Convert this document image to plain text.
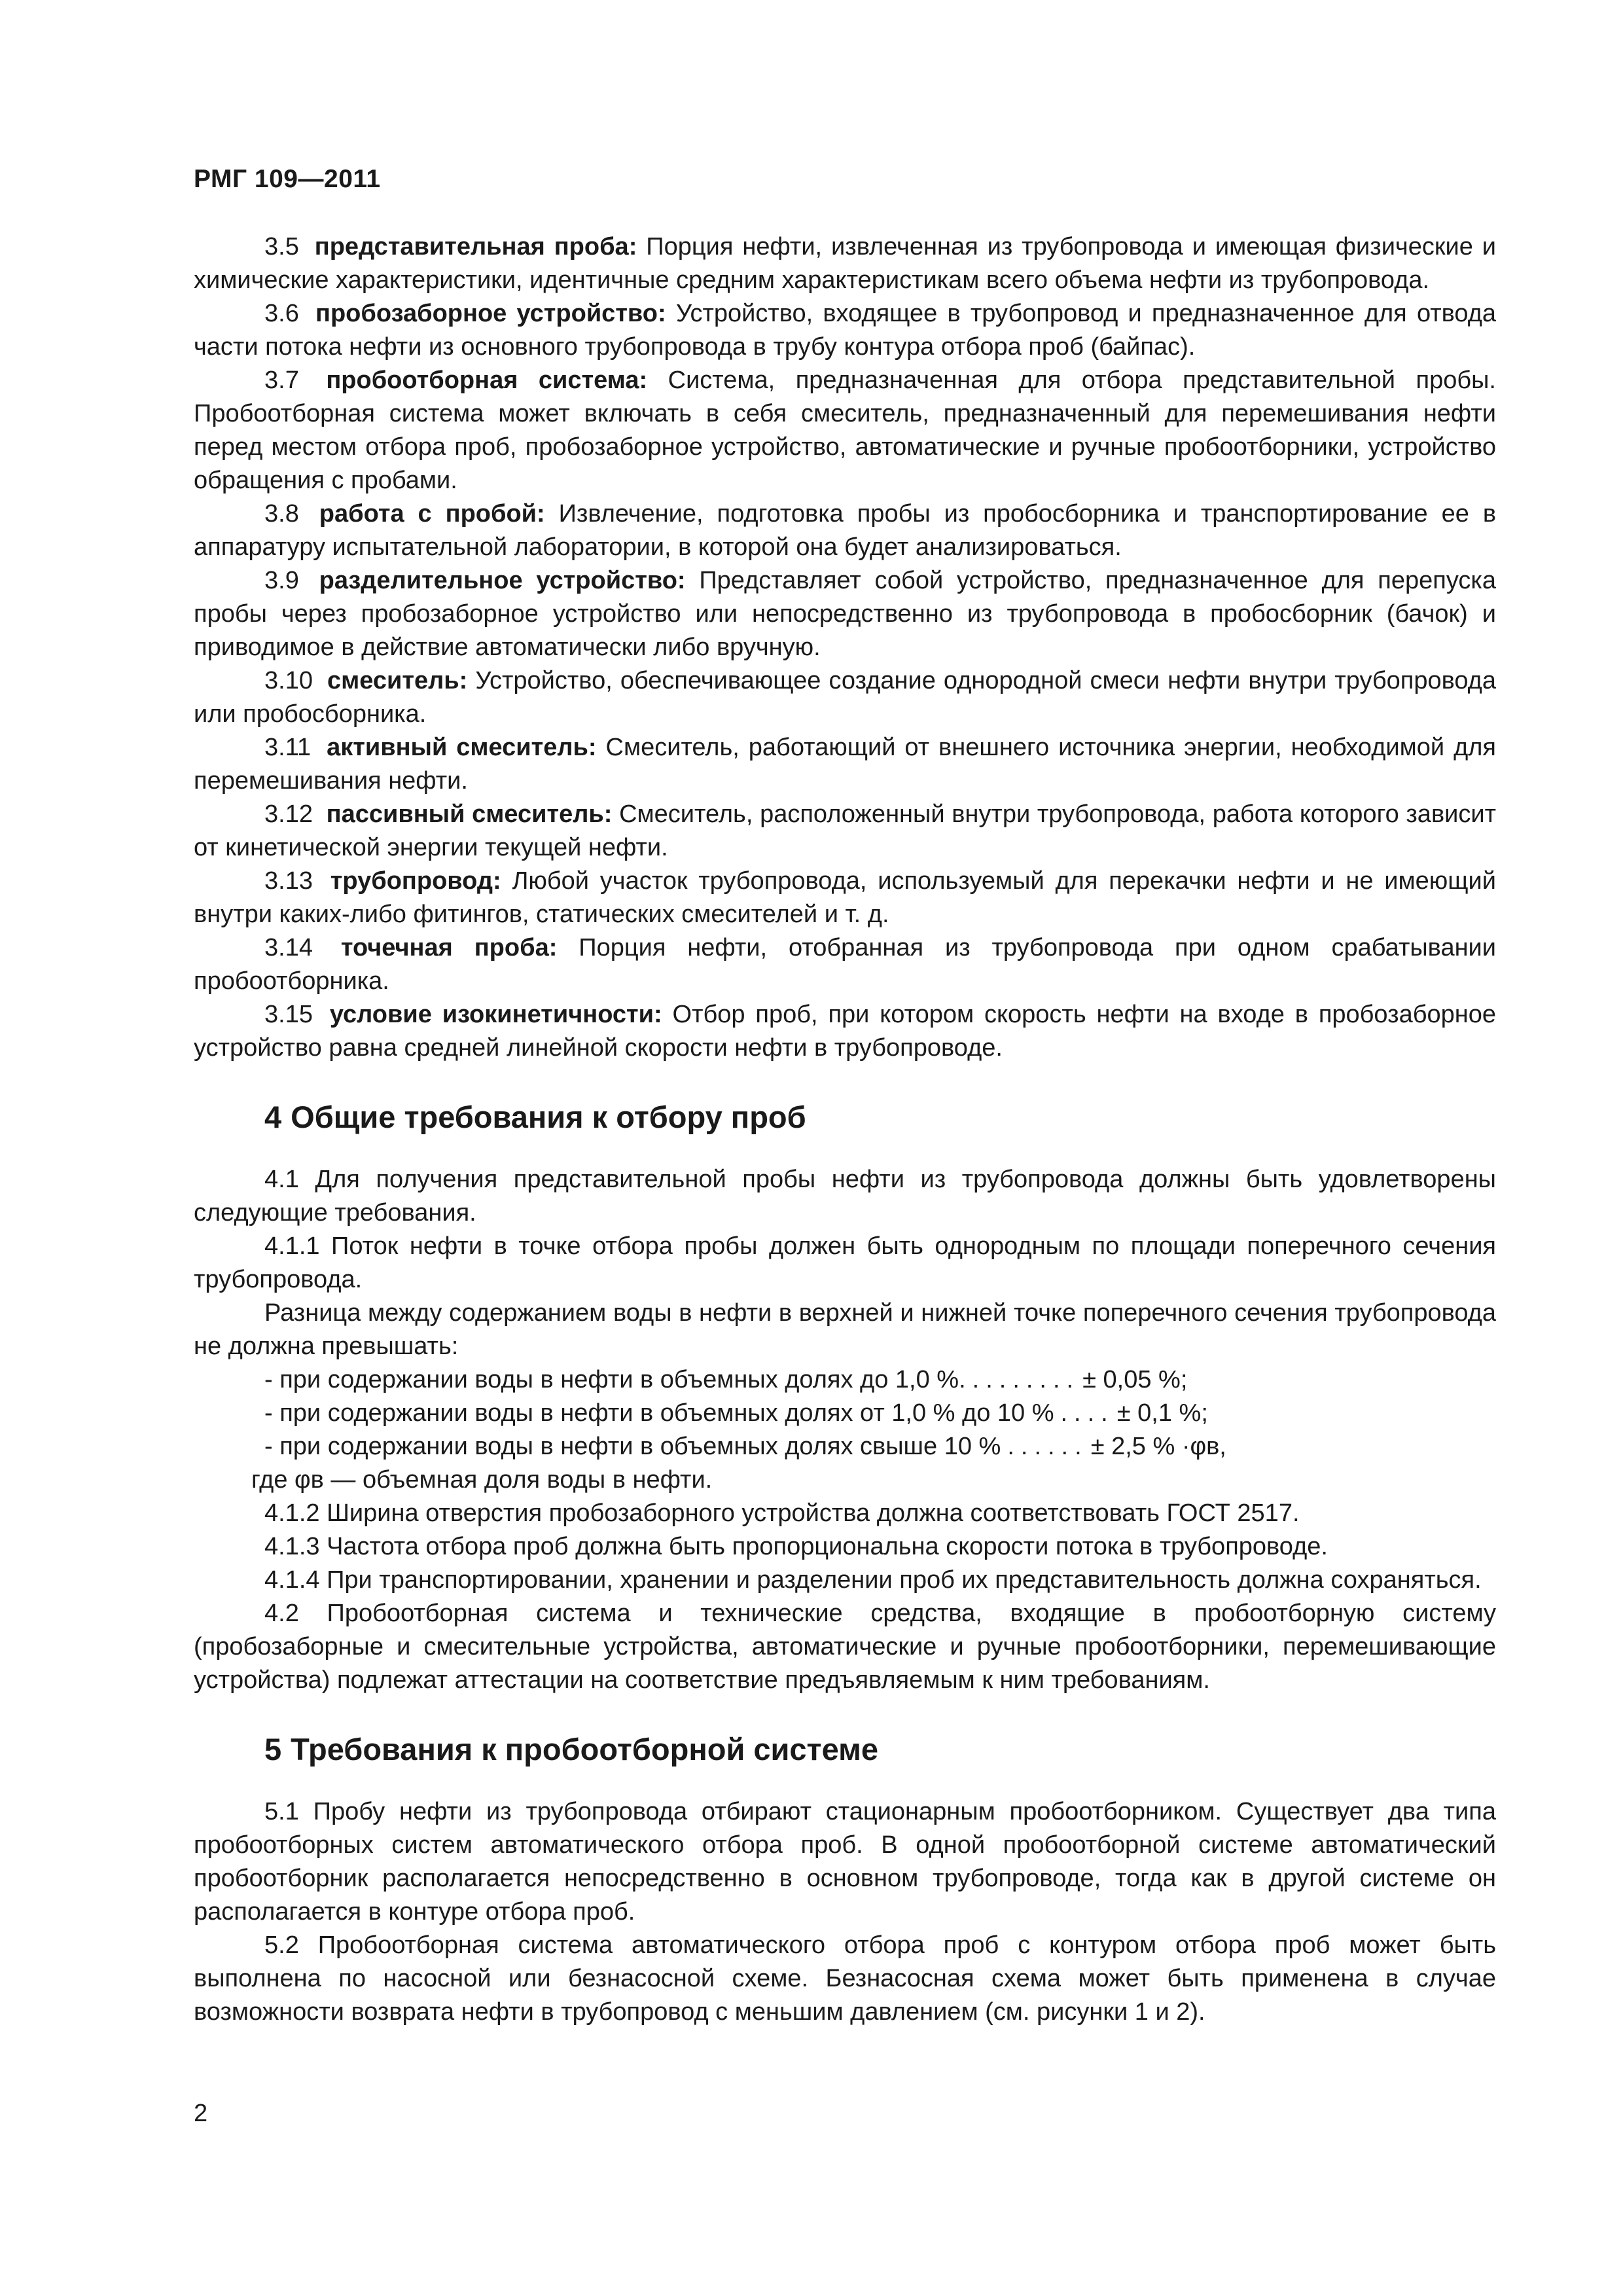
РМГ 109—2011

3.5 представительная проба: Порция нефти, извлеченная из трубопровода и имеющая физические и химические характеристики, идентичные средним характеристикам всего объема нефти из трубопровода.

3.6 пробозаборное устройство: Устройство, входящее в трубопровод и предназначенное для отвода части потока нефти из основного трубопровода в трубу контура отбора проб (байпас).

3.7 пробоотборная система: Система, предназначенная для отбора представительной пробы. Пробоотборная система может включать в себя смеситель, предназначенный для перемешивания нефти перед местом отбора проб, пробозаборное устройство, автоматические и ручные пробоотборники, устройство обращения с пробами.

3.8 работа с пробой: Извлечение, подготовка пробы из пробосборника и транспортирование ее в аппаратуру испытательной лаборатории, в которой она будет анализироваться.

3.9 разделительное устройство: Представляет собой устройство, предназначенное для перепуска пробы через пробозаборное устройство или непосредственно из трубопровода в пробосборник (бачок) и приводимое в действие автоматически либо вручную.

3.10 смеситель: Устройство, обеспечивающее создание однородной смеси нефти внутри трубопровода или пробосборника.

3.11 активный смеситель: Смеситель, работающий от внешнего источника энергии, необходимой для перемешивания нефти.

3.12 пассивный смеситель: Смеситель, расположенный внутри трубопровода, работа которого зависит от кинетической энергии текущей нефти.

3.13 трубопровод: Любой участок трубопровода, используемый для перекачки нефти и не имеющий внутри каких-либо фитингов, статических смесителей и т. д.

3.14 точечная проба: Порция нефти, отобранная из трубопровода при одном срабатывании пробоотборника.

3.15 условие изокинетичности: Отбор проб, при котором скорость нефти на входе в пробозаборное устройство равна средней линейной скорости нефти в трубопроводе.

4 Общие требования к отбору проб

4.1 Для получения представительной пробы нефти из трубопровода должны быть удовлетворены следующие требования.

4.1.1 Поток нефти в точке отбора пробы должен быть однородным по площади поперечного сечения трубопровода.

Разница между содержанием воды в нефти в верхней и нижней точке поперечного сечения трубопровода не должна превышать:

- при содержании воды в нефти в объемных долях до 1,0 %. ........ ± 0,05 %;
- при содержании воды в нефти в объемных долях от 1,0 % до 10 % .... ± 0,1 %;
- при содержании воды в нефти в объемных долях свыше 10 % ...... ± 2,5 % ·φв,

где φв — объемная доля воды в нефти.

4.1.2 Ширина отверстия пробозаборного устройства должна соответствовать ГОСТ 2517.

4.1.3 Частота отбора проб должна быть пропорциональна скорости потока в трубопроводе.

4.1.4 При транспортировании, хранении и разделении проб их представительность должна сохраняться.

4.2 Пробоотборная система и технические средства, входящие в пробоотборную систему (пробозаборные и смесительные устройства, автоматические и ручные пробоотборники, перемешивающие устройства) подлежат аттестации на соответствие предъявляемым к ним требованиям.

5 Требования к пробоотборной системе

5.1 Пробу нефти из трубопровода отбирают стационарным пробоотборником. Существует два типа пробоотборных систем автоматического отбора проб. В одной пробоотборной системе автоматический пробоотборник располагается непосредственно в основном трубопроводе, тогда как в другой системе он располагается в контуре отбора проб.

5.2 Пробоотборная система автоматического отбора проб с контуром отбора проб может быть выполнена по насосной или безнасосной схеме. Безнасосная схема может быть применена в случае возможности возврата нефти в трубопровод с меньшим давлением (см. рисунки 1 и 2).

2
